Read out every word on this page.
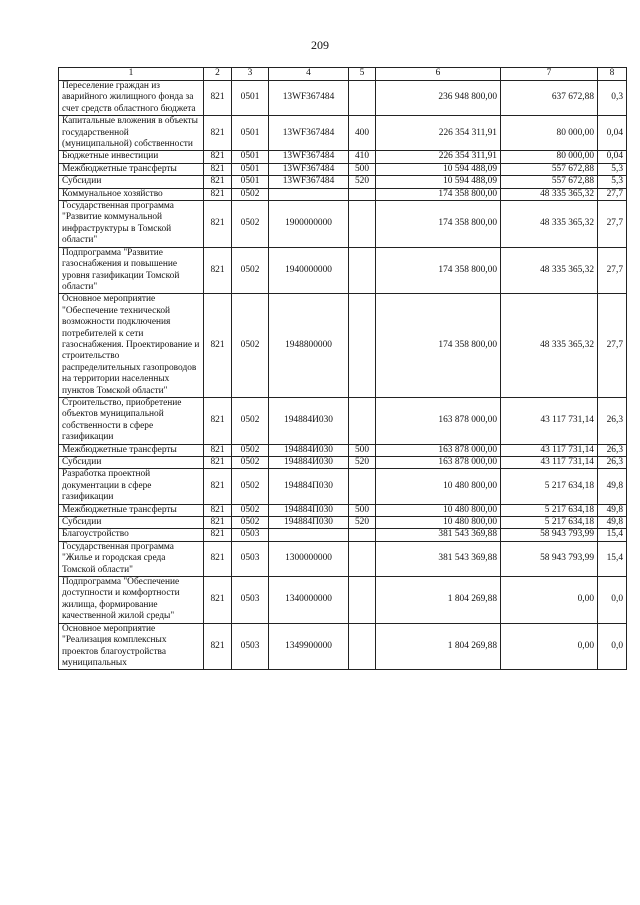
209
1	2	3	4	5	6	7	8
Переселение граждан из аварийного жилищного фонда за счет средств областного бюджета	821	0501	13WF367484		236 948 800,00	637 672,88	0,3
Капитальные вложения в объекты государственной (муниципальной) собственности	821	0501	13WF367484	400	226 354 311,91	80 000,00	0,04
Бюджетные инвестиции	821	0501	13WF367484	410	226 354 311,91	80 000,00	0,04
Межбюджетные трансферты	821	0501	13WF367484	500	10 594 488,09	557 672,88	5,3
Субсидии	821	0501	13WF367484	520	10 594 488,09	557 672,88	5,3
Коммунальное хозяйство	821	0502			174 358 800,00	48 335 365,32	27,7
Государственная программа "Развитие коммунальной инфраструктуры в Томской области"	821	0502	1900000000		174 358 800,00	48 335 365,32	27,7
Подпрограмма "Развитие газоснабжения и повышение уровня газификации Томской области"	821	0502	1940000000		174 358 800,00	48 335 365,32	27,7
Основное мероприятие "Обеспечение технической возможности подключения потребителей к сети газоснабжения. Проектирование и строительство распределительных газопроводов на территории населенных пунктов Томской области"	821	0502	1948800000		174 358 800,00	48 335 365,32	27,7
Строительство, приобретение объектов муниципальной собственности в сфере газификации	821	0502	194884И030		163 878 000,00	43 117 731,14	26,3
Межбюджетные трансферты	821	0502	194884И030	500	163 878 000,00	43 117 731,14	26,3
Субсидии	821	0502	194884И030	520	163 878 000,00	43 117 731,14	26,3
Разработка проектной документации в сфере газификации	821	0502	194884П030		10 480 800,00	5 217 634,18	49,8
Межбюджетные трансферты	821	0502	194884П030	500	10 480 800,00	5 217 634,18	49,8
Субсидии	821	0502	194884П030	520	10 480 800,00	5 217 634,18	49,8
Благоустройство	821	0503			381 543 369,88	58 943 793,99	15,4
Государственная программа "Жилье и городская среда Томской области"	821	0503	1300000000		381 543 369,88	58 943 793,99	15,4
Подпрограмма "Обеспечение доступности и комфортности жилища, формирование качественной жилой среды"	821	0503	1340000000		1 804 269,88	0,00	0,0
Основное мероприятие "Реализация комплексных проектов благоустройства муниципальных	821	0503	1349900000		1 804 269,88	0,00	0,0
